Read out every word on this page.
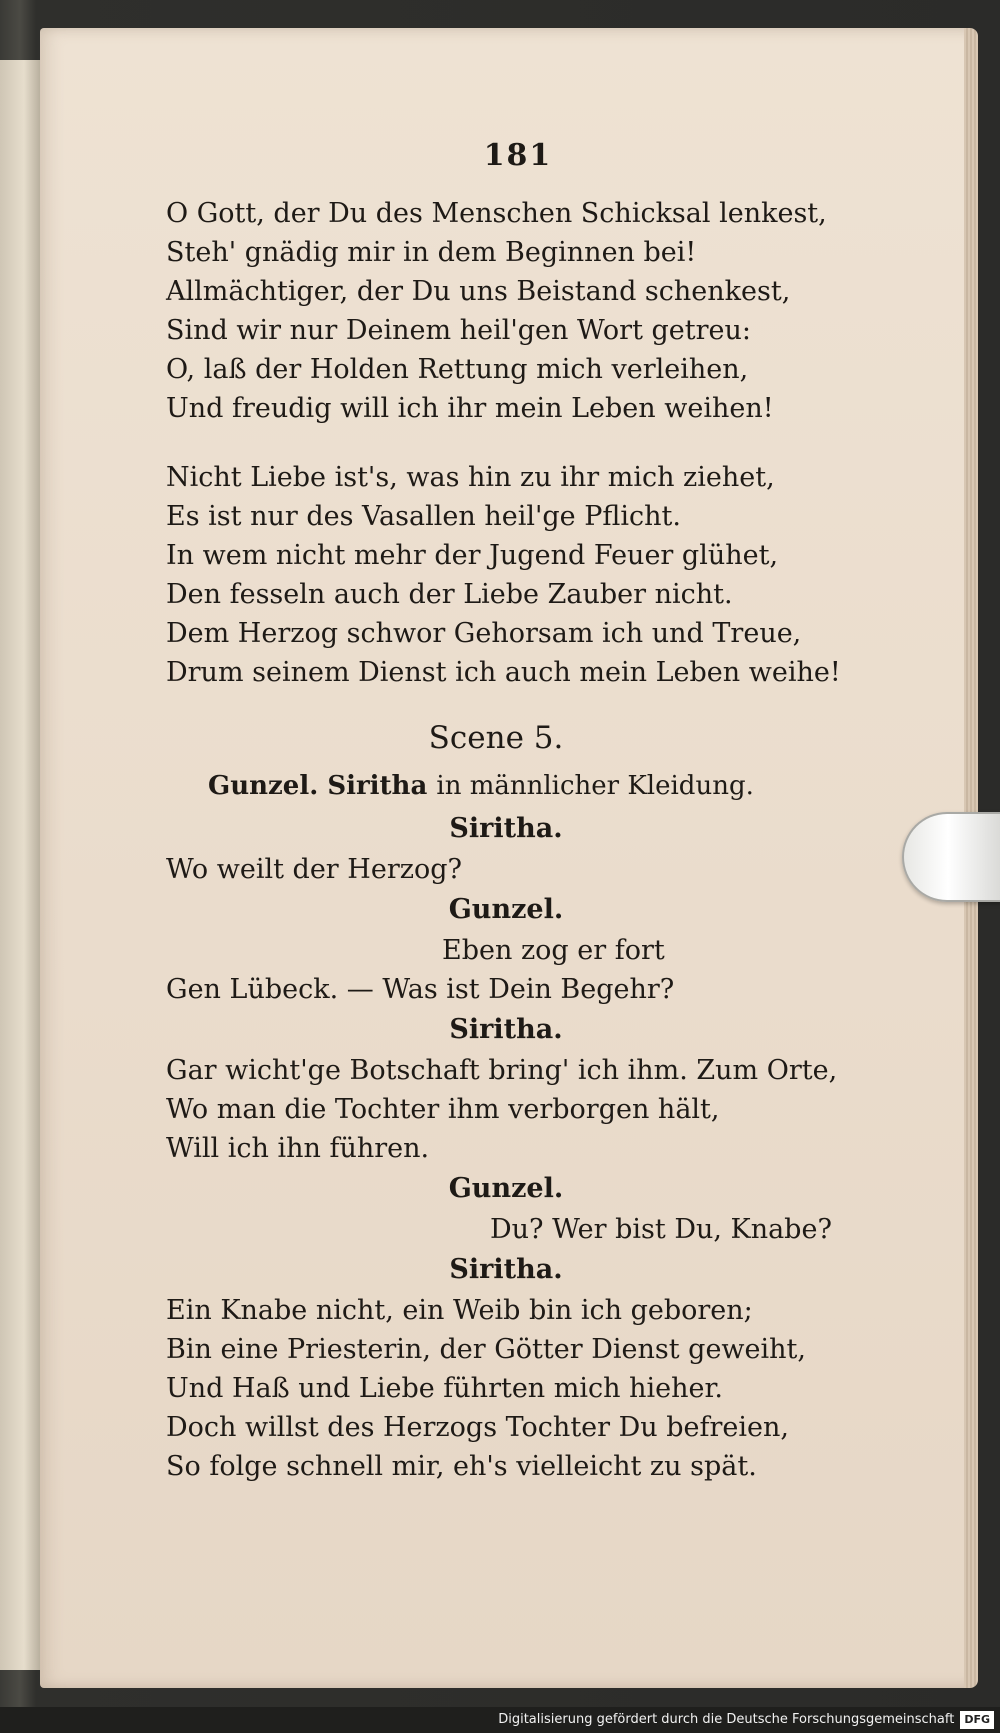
181
O Gott, der Du des Menschen Schicksal lenkest,
Steh' gnädig mir in dem Beginnen bei!
Allmächtiger, der Du uns Beistand schenkest,
Sind wir nur Deinem heil'gen Wort getreu:
O, laß der Holden Rettung mich verleihen,
Und freudig will ich ihr mein Leben weihen!
Nicht Liebe ist's, was hin zu ihr mich ziehet,
Es ist nur des Vasallen heil'ge Pflicht.
In wem nicht mehr der Jugend Feuer glühet,
Den fesseln auch der Liebe Zauber nicht.
Dem Herzog schwor Gehorsam ich und Treue,
Drum seinem Dienst ich auch mein Leben weihe!
Scene 5.
Gunzel. Siritha in männlicher Kleidung.
Siritha.
Wo weilt der Herzog?
Gunzel.
Eben zog er fort
Gen Lübeck. — Was ist Dein Begehr?
Siritha.
Gar wicht'ge Botschaft bring' ich ihm. Zum Orte,
Wo man die Tochter ihm verborgen hält,
Will ich ihn führen.
Gunzel.
Du? Wer bist Du, Knabe?
Siritha.
Ein Knabe nicht, ein Weib bin ich geboren;
Bin eine Priesterin, der Götter Dienst geweiht,
Und Haß und Liebe führten mich hieher.
Doch willst des Herzogs Tochter Du befreien,
So folge schnell mir, eh's vielleicht zu spät.
Digitalisierung gefördert durch die Deutsche Forschungsgemeinschaft DFG
